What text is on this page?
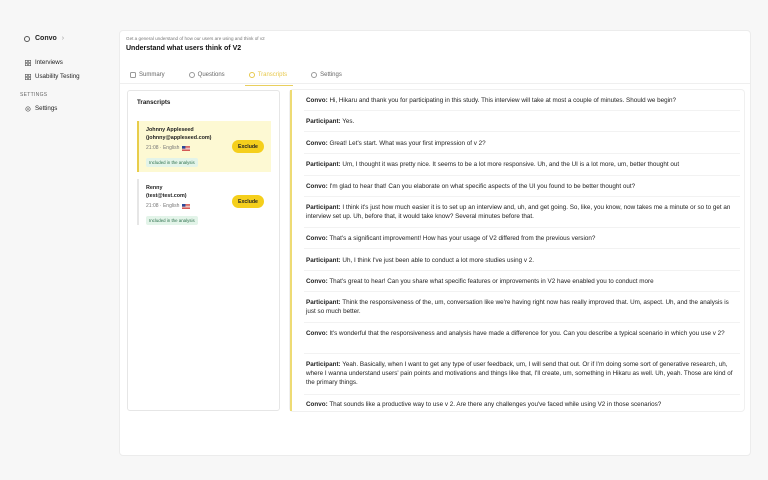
Convo ›
Interviews
Usability Testing
SETTINGS
Settings
Get a general understand of how our users are using and think of v2
Understand what users think of V2
Summary	Questions	Transcripts	Settings
Transcripts
Johnny Appleseed
(johnny@appleseed.com)
21:08 · English
Included in the analysis
Exclude
Renny
(test@test.com)
21:08 · English
Included in the analysis
Exclude
Convo: Hi, Hikaru and thank you for participating in this study. This interview will take at most a couple of minutes. Should we begin?
Participant: Yes.
Convo: Great! Let's start. What was your first impression of v 2?
Participant: Um, I thought it was pretty nice. It seems to be a lot more responsive. Uh, and the UI is a lot more, um, better thought out
Convo: I'm glad to hear that! Can you elaborate on what specific aspects of the UI you found to be better thought out?
Participant: I think it's just how much easier it is to set up an interview and, uh, and get going. So, like, you know, now takes me a minute or so to get an interview set up. Uh, before that, it would take know? Several minutes before that.
Convo: That's a significant improvement! How has your usage of V2 differed from the previous version?
Participant: Uh, I think I've just been able to conduct a lot more studies using v 2.
Convo: That's great to hear! Can you share what specific features or improvements in V2 have enabled you to conduct more
Participant: Think the responsiveness of the, um, conversation like we're having right now has really improved that. Um, aspect. Uh, and the analysis is just so much better.
Convo: It's wonderful that the responsiveness and analysis have made a difference for you. Can you describe a typical scenario in which you use v 2?
Participant: Yeah. Basically, when I want to get any type of user feedback, um, I will send that out. Or if I'm doing some sort of generative research, uh, where I wanna understand users' pain points and motivations and things like that, I'll create, um, something in Hikaru as well. Uh, yeah. Those are kind of the primary things.
Convo: That sounds like a productive way to use v 2. Are there any challenges you've faced while using V2 in those scenarios?
